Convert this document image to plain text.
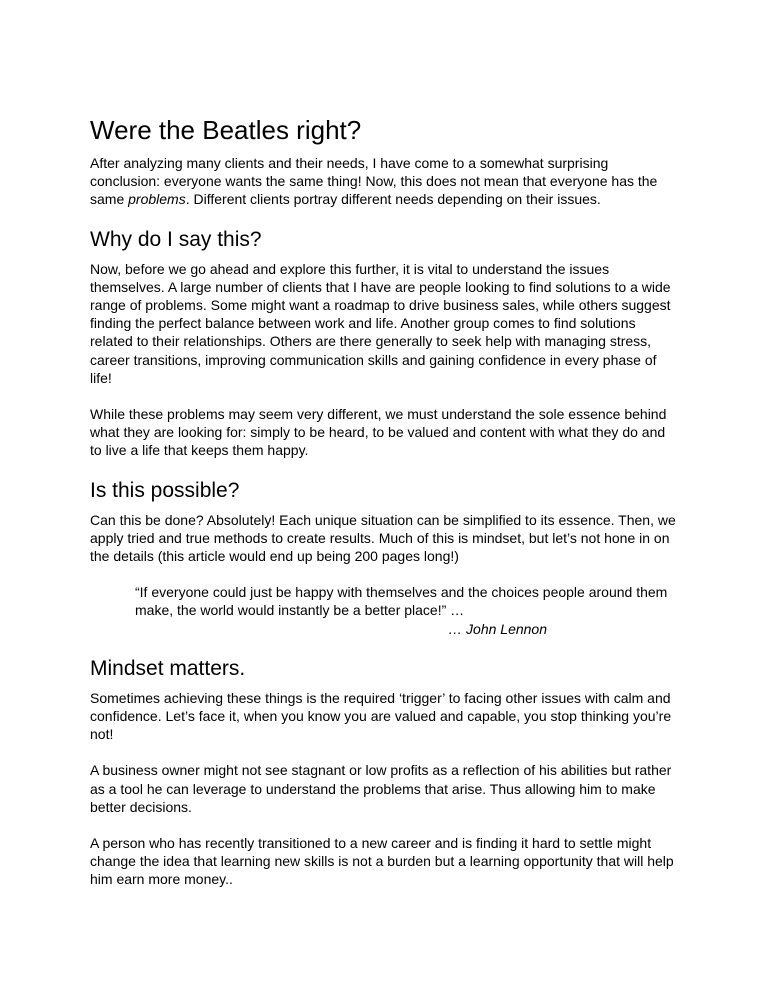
Were the Beatles right?

After analyzing many clients and their needs, I have come to a somewhat surprising conclusion: everyone wants the same thing! Now, this does not mean that everyone has the same problems. Different clients portray different needs depending on their issues.

Why do I say this?

Now, before we go ahead and explore this further, it is vital to understand the issues themselves. A large number of clients that I have are people looking to find solutions to a wide range of problems. Some might want a roadmap to drive business sales, while others suggest finding the perfect balance between work and life. Another group comes to find solutions related to their relationships. Others are there generally to seek help with managing stress, career transitions, improving communication skills and gaining confidence in every phase of life!

While these problems may seem very different, we must understand the sole essence behind what they are looking for: simply to be heard, to be valued and content with what they do and to live a life that keeps them happy.

Is this possible?

Can this be done? Absolutely! Each unique situation can be simplified to its essence. Then, we apply tried and true methods to create results. Much of this is mindset, but let’s not hone in on the details (this article would end up being 200 pages long!)

“If everyone could just be happy with themselves and the choices people around them make, the world would instantly be a better place!” …

… John Lennon

Mindset matters.

Sometimes achieving these things is the required ‘trigger’ to facing other issues with calm and confidence. Let’s face it, when you know you are valued and capable, you stop thinking you’re not!

A business owner might not see stagnant or low profits as a reflection of his abilities but rather as a tool he can leverage to understand the problems that arise. Thus allowing him to make better decisions.

A person who has recently transitioned to a new career and is finding it hard to settle might change the idea that learning new skills is not a burden but a learning opportunity that will help him earn more money..
